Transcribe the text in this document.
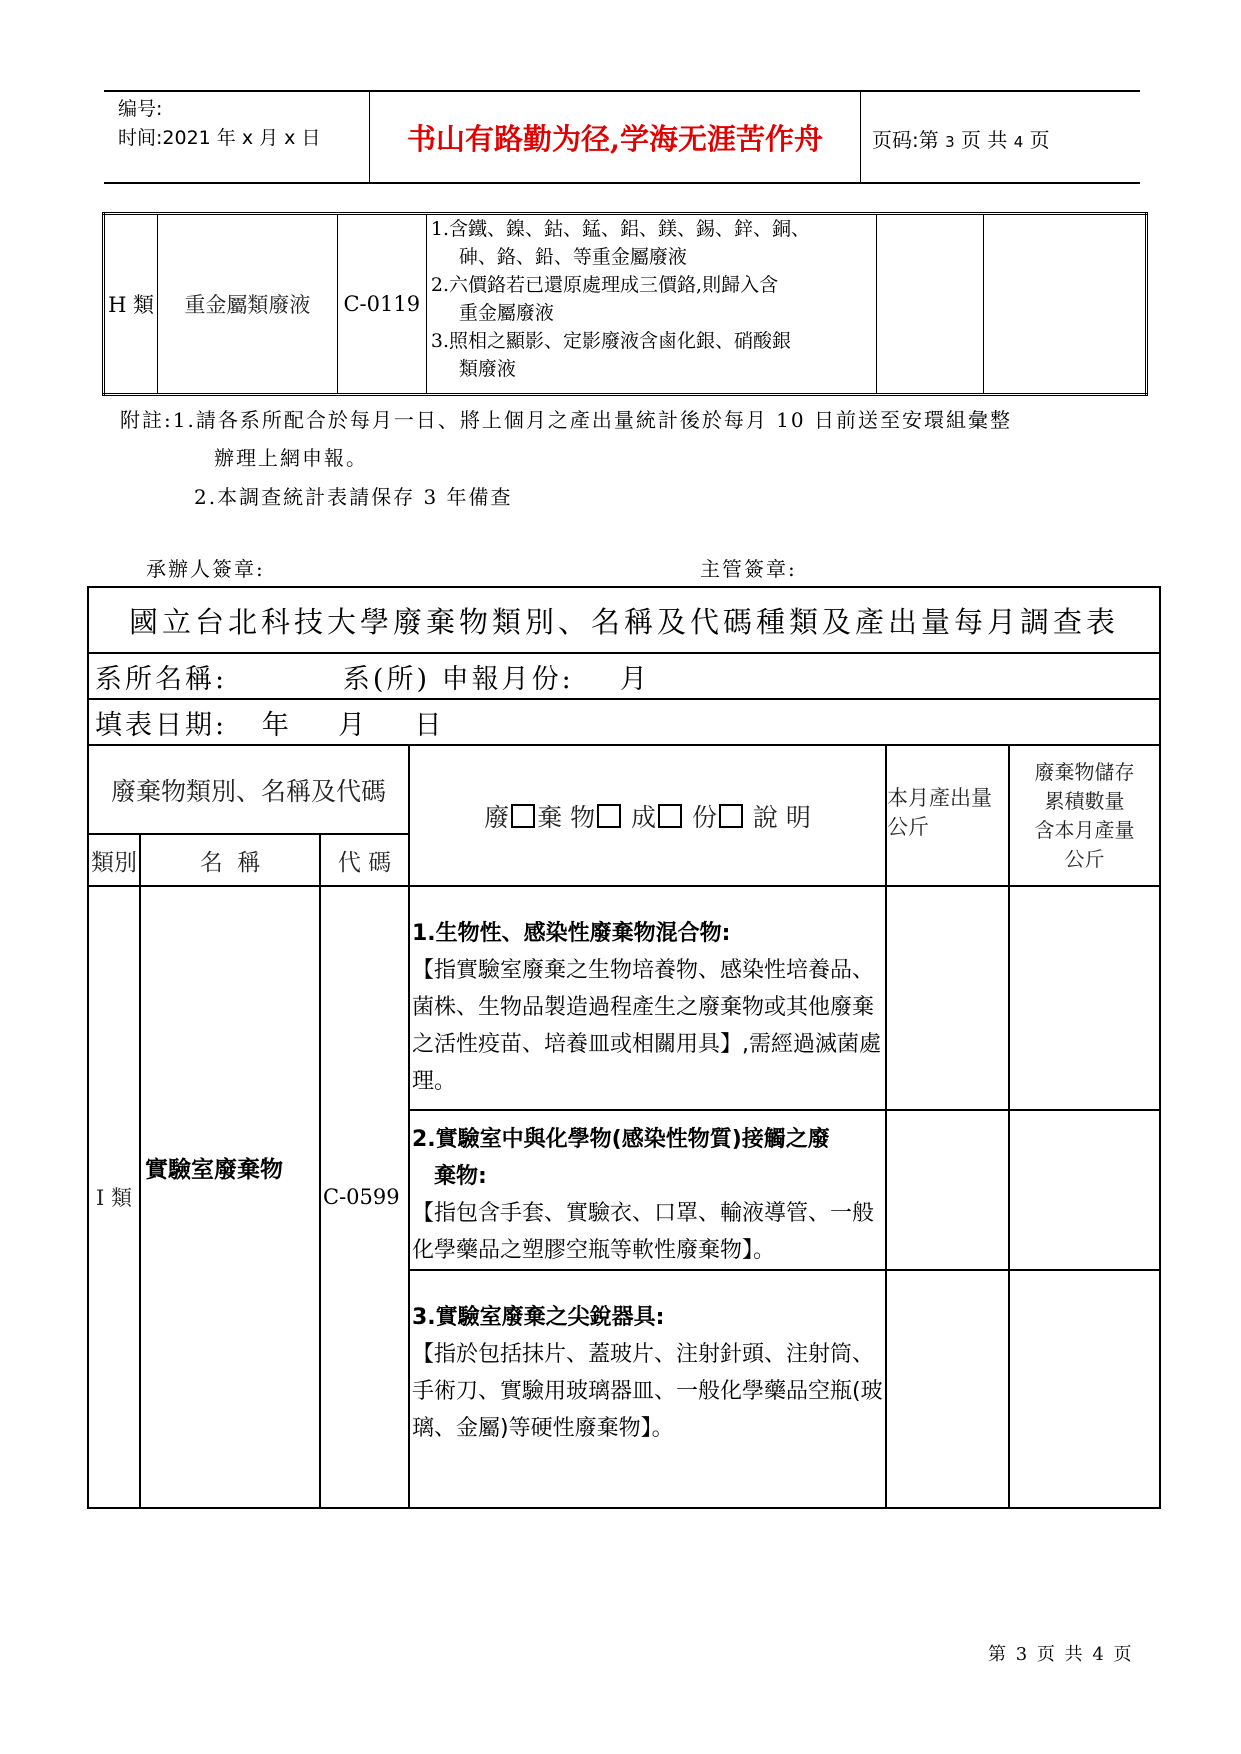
编号:
时间:2021 年 x 月 x 日	书山有路勤为径,学海无涯苦作舟	页码:第 3 页 共 4 页
H 類	重金屬類廢液	C-0119	
1.含鐵、鎳、鈷、錳、鋁、鎂、錫、鋅、銅、
砷、鉻、鉛、等重金屬廢液
2.六價鉻若已還原處理成三價鉻,則歸入含
重金屬廢液
3.照相之顯影、定影廢液含鹵化銀、硝酸銀
類廢液

附註:1.請各系所配合於每月一日、將上個月之產出量統計後於每月 10 日前送至安環組彙整
辦理上網申報。
2.本調查統計表請保存 3 年備查
承辦人簽章:	主管簽章:
國立台北科技大學廢棄物類別、名稱及代碼種類及產出量每月調查表					
系所名稱:          系(所) 申報月份:    月					
填表日期:   年    月    日					
廢棄物類別、名稱及代碼			廢 棄 物 成 份 說 明	本月產出量公斤	廢棄物儲存
累積數量
含本月產量
公斤

類別	名  稱	代 碼			
I 類	實驗室廢棄物	C-0599	1.生物性、感染性廢棄物混合物:
【指實驗室廢棄之生物培養物、感染性培養品、菌株、生物品製造過程產生之廢棄物或其他廢棄之活性疫苗、培養皿或相關用具】,需經過滅菌處理。		

			2.實驗室中與化學物(感染性物質)接觸之廢
棄物:
【指包含手套、實驗衣、口罩、輸液導管、一般化學藥品之塑膠空瓶等軟性廢棄物】。		

			3.實驗室廢棄之尖銳器具:
【指於包括抹片、蓋玻片、注射針頭、注射筒、手術刀、實驗用玻璃器皿、一般化學藥品空瓶(玻璃、金屬)等硬性廢棄物】。		

第 3 页 共 4 页
